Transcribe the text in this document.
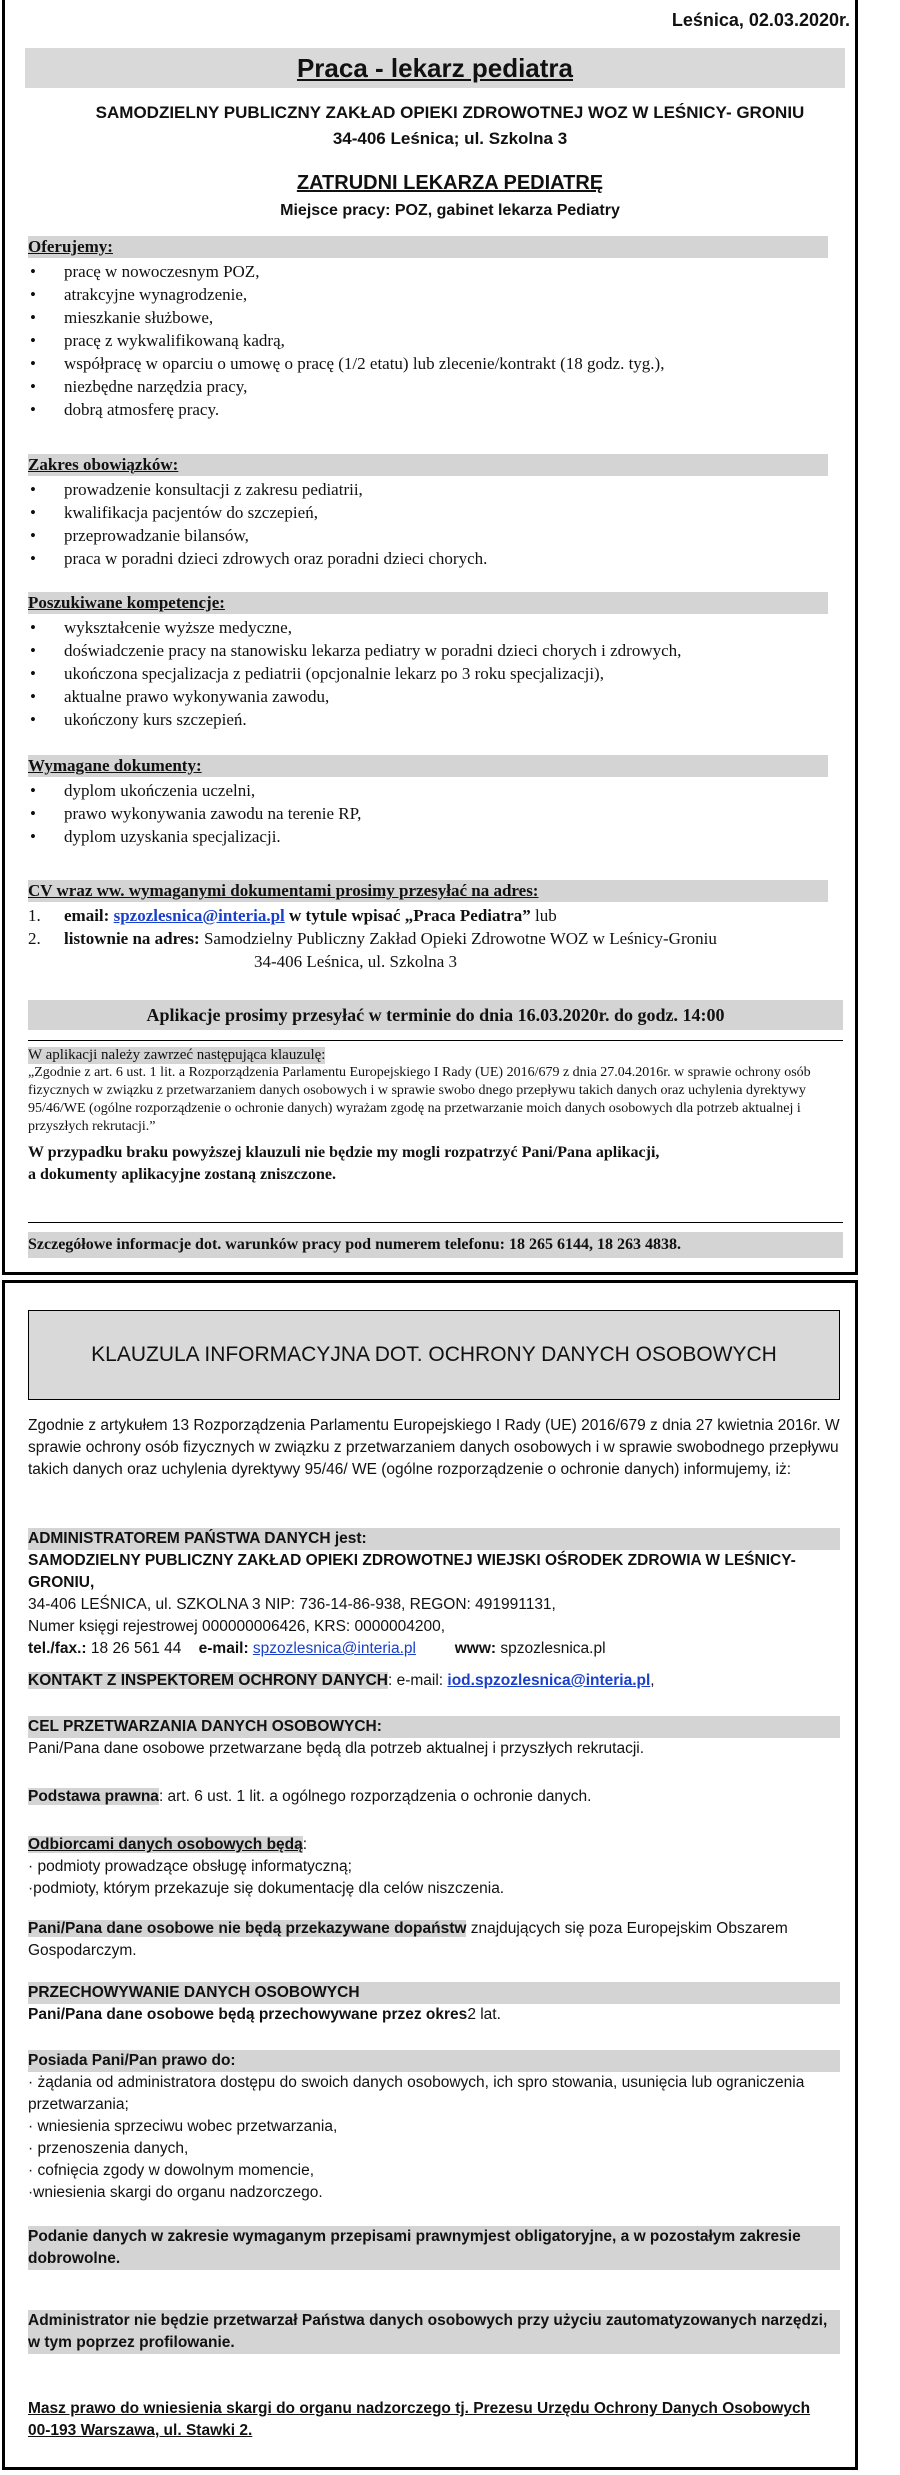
Leśnica, 02.03.2020r.
Praca - lekarz pediatra
SAMODZIELNY PUBLICZNY ZAKŁAD OPIEKI ZDROWOTNEJ WOZ W LEŚNICY- GRONIU
34-406 Leśnica; ul. Szkolna 3
ZATRUDNI LEKARZA PEDIATRĘ
Miejsce pracy: POZ, gabinet lekarza Pediatry
Oferujemy:
• pracę w nowoczesnym POZ,
• atrakcyjne wynagrodzenie,
• mieszkanie służbowe,
• pracę z wykwalifikowaną kadrą,
• współpracę w oparciu o umowę o pracę (1/2 etatu) lub zlecenie/kontrakt (18 godz. tyg.),
• niezbędne narzędzia pracy,
• dobrą atmosferę pracy.
Zakres obowiązków:
• prowadzenie konsultacji z zakresu pediatrii,
• kwalifikacja pacjentów do szczepień,
• przeprowadzanie bilansów,
• praca w poradni dzieci zdrowych oraz poradni dzieci chorych.
Poszukiwane kompetencje:
• wykształcenie wyższe medyczne,
• doświadczenie pracy na stanowisku lekarza pediatry w poradni dzieci chorych i zdrowych,
• ukończona specjalizacja z pediatrii (opcjonalnie lekarz po 3 roku specjalizacji),
• aktualne prawo wykonywania zawodu,
• ukończony kurs szczepień.
Wymagane dokumenty:
• dyplom ukończenia uczelni,
• prawo wykonywania zawodu na terenie RP,
• dyplom uzyskania specjalizacji.
CV wraz ww. wymaganymi dokumentami prosimy przesyłać na adres:
1. email: spzozlesnica@interia.pl w tytule wpisać „Praca Pediatra” lub
2. listownie na adres: Samodzielny Publiczny Zakład Opieki Zdrowotne WOZ w Leśnicy-Groniu
34-406 Leśnica, ul. Szkolna 3
Aplikacje prosimy przesyłać w terminie do dnia 16.03.2020r. do godz. 14:00
W aplikacji należy zawrzeć następująca klauzulę:
„Zgodnie z art. 6 ust. 1 lit. a Rozporządzenia Parlamentu Europejskiego I Rady (UE) 2016/679 z dnia 27.04.2016r. w sprawie ochrony osób fizycznych w związku z przetwarzaniem danych osobowych i w sprawie swobo dnego przepływu takich danych oraz uchylenia dyrektywy 95/46/WE (ogólne rozporządzenie o ochronie danych) wyrażam zgodę na przetwarzanie moich danych osobowych dla potrzeb aktualnej i przyszłych rekrutacji.”
W przypadku braku powyższej klauzuli nie będzie my mogli rozpatrzyć Pani/Pana aplikacji,
a dokumenty aplikacyjne zostaną zniszczone.
Szczegółowe informacje dot. warunków pracy pod numerem telefonu: 18 265 6144, 18 263 4838.
KLAUZULA INFORMACYJNA DOT. OCHRONY DANYCH OSOBOWYCH
Zgodnie z artykułem 13 Rozporządzenia Parlamentu Europejskiego I Rady (UE) 2016/679 z dnia 27 kwietnia 2016r. W sprawie ochrony osób fizycznych w związku z przetwarzaniem danych osobowych i w sprawie swobodnego przepływu takich danych oraz uchylenia dyrektywy 95/46/ WE (ogólne rozporządzenie o ochronie danych) informujemy, iż:
ADMINISTRATOREM PAŃSTWA DANYCH jest:
SAMODZIELNY PUBLICZNY ZAKŁAD OPIEKI ZDROWOTNEJ WIEJSKI OŚRODEK ZDROWIA W LEŚNICY-GRONIU,
34-406 LEŚNICA, ul. SZKOLNA 3 NIP: 736-14-86-938, REGON: 491991131,
Numer księgi rejestrowej 000000006426, KRS: 0000004200,
tel./fax.: 18 26 561 44 e-mail: spzozlesnica@interia.pl	www: spzozlesnica.pl
KONTAKT Z INSPEKTOREM OCHRONY DANYCH: e-mail: iod.spzozlesnica@interia.pl,
CEL PRZETWARZANIA DANYCH OSOBOWYCH:
Pani/Pana dane osobowe przetwarzane będą dla potrzeb aktualnej i przyszłych rekrutacji.
Podstawa prawna: art. 6 ust. 1 lit. a ogólnego rozporządzenia o ochronie danych.
Odbiorcami danych osobowych będą:
· podmioty prowadzące obsługę informatyczną;
·podmioty, którym przekazuje się dokumentację dla celów niszczenia.
Pani/Pana dane osobowe nie będą przekazywane dopaństw znajdujących się poza Europejskim Obszarem Gospodarczym.
PRZECHOWYWANIE DANYCH OSOBOWYCH
Pani/Pana dane osobowe będą przechowywane przez okres2 lat.
Posiada Pani/Pan prawo do:
· żądania od administratora dostępu do swoich danych osobowych, ich spro stowania, usunięcia lub ograniczenia przetwarzania;
· wniesienia sprzeciwu wobec przetwarzania,
· przenoszenia danych,
· cofnięcia zgody w dowolnym momencie,
·wniesienia skargi do organu nadzorczego.
Podanie danych w zakresie wymaganym przepisami prawnymjest obligatoryjne, a w pozostałym zakresie dobrowolne.
Administrator nie będzie przetwarzał Państwa danych osobowych przy użyciu zautomatyzowanych narzędzi, w tym poprzez profilowanie.
Masz prawo do wniesienia skargi do organu nadzorczego tj. Prezesu Urzędu Ochrony Danych Osobowych
00-193 Warszawa, ul. Stawki 2.
